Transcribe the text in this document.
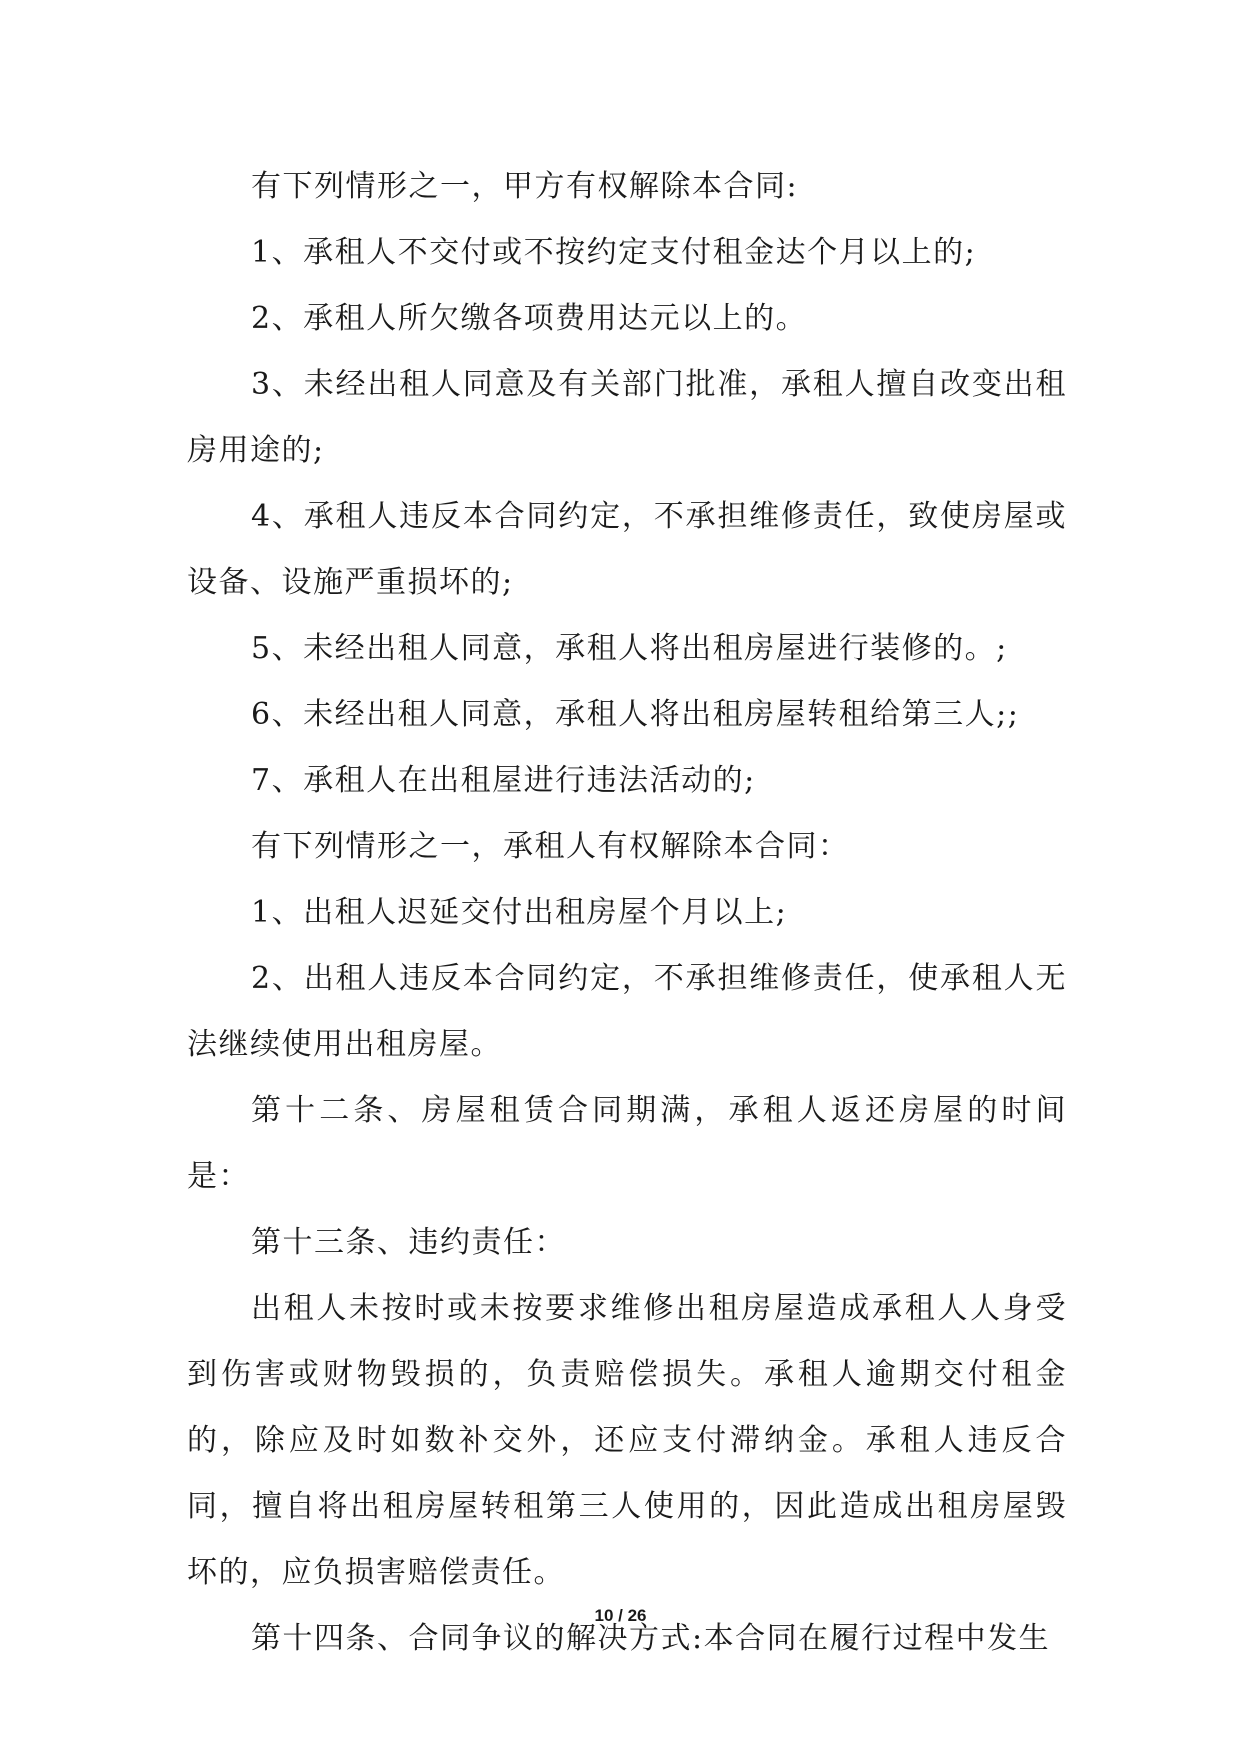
有下列情形之一，甲方有权解除本合同:

1、承租人不交付或不按约定支付租金达个月以上的;

2、承租人所欠缴各项费用达元以上的。

3、未经出租人同意及有关部门批准，承租人擅自改变出租房用途的;

4、承租人违反本合同约定，不承担维修责任，致使房屋或设备、设施严重损坏的;

5、未经出租人同意，承租人将出租房屋进行装修的。;

6、未经出租人同意，承租人将出租房屋转租给第三人;;

7、承租人在出租屋进行违法活动的;

有下列情形之一，承租人有权解除本合同：

1、出租人迟延交付出租房屋个月以上;

2、出租人违反本合同约定，不承担维修责任，使承租人无法继续使用出租房屋。

第十二条、房屋租赁合同期满，承租人返还房屋的时间是：

第十三条、违约责任：

出租人未按时或未按要求维修出租房屋造成承租人人身受到伤害或财物毁损的，负责赔偿损失。承租人逾期交付租金的，除应及时如数补交外，还应支付滞纳金。承租人违反合同，擅自将出租房屋转租第三人使用的，因此造成出租房屋毁坏的，应负损害赔偿责任。

第十四条、合同争议的解决方式:本合同在履行过程中发生

10 / 26
